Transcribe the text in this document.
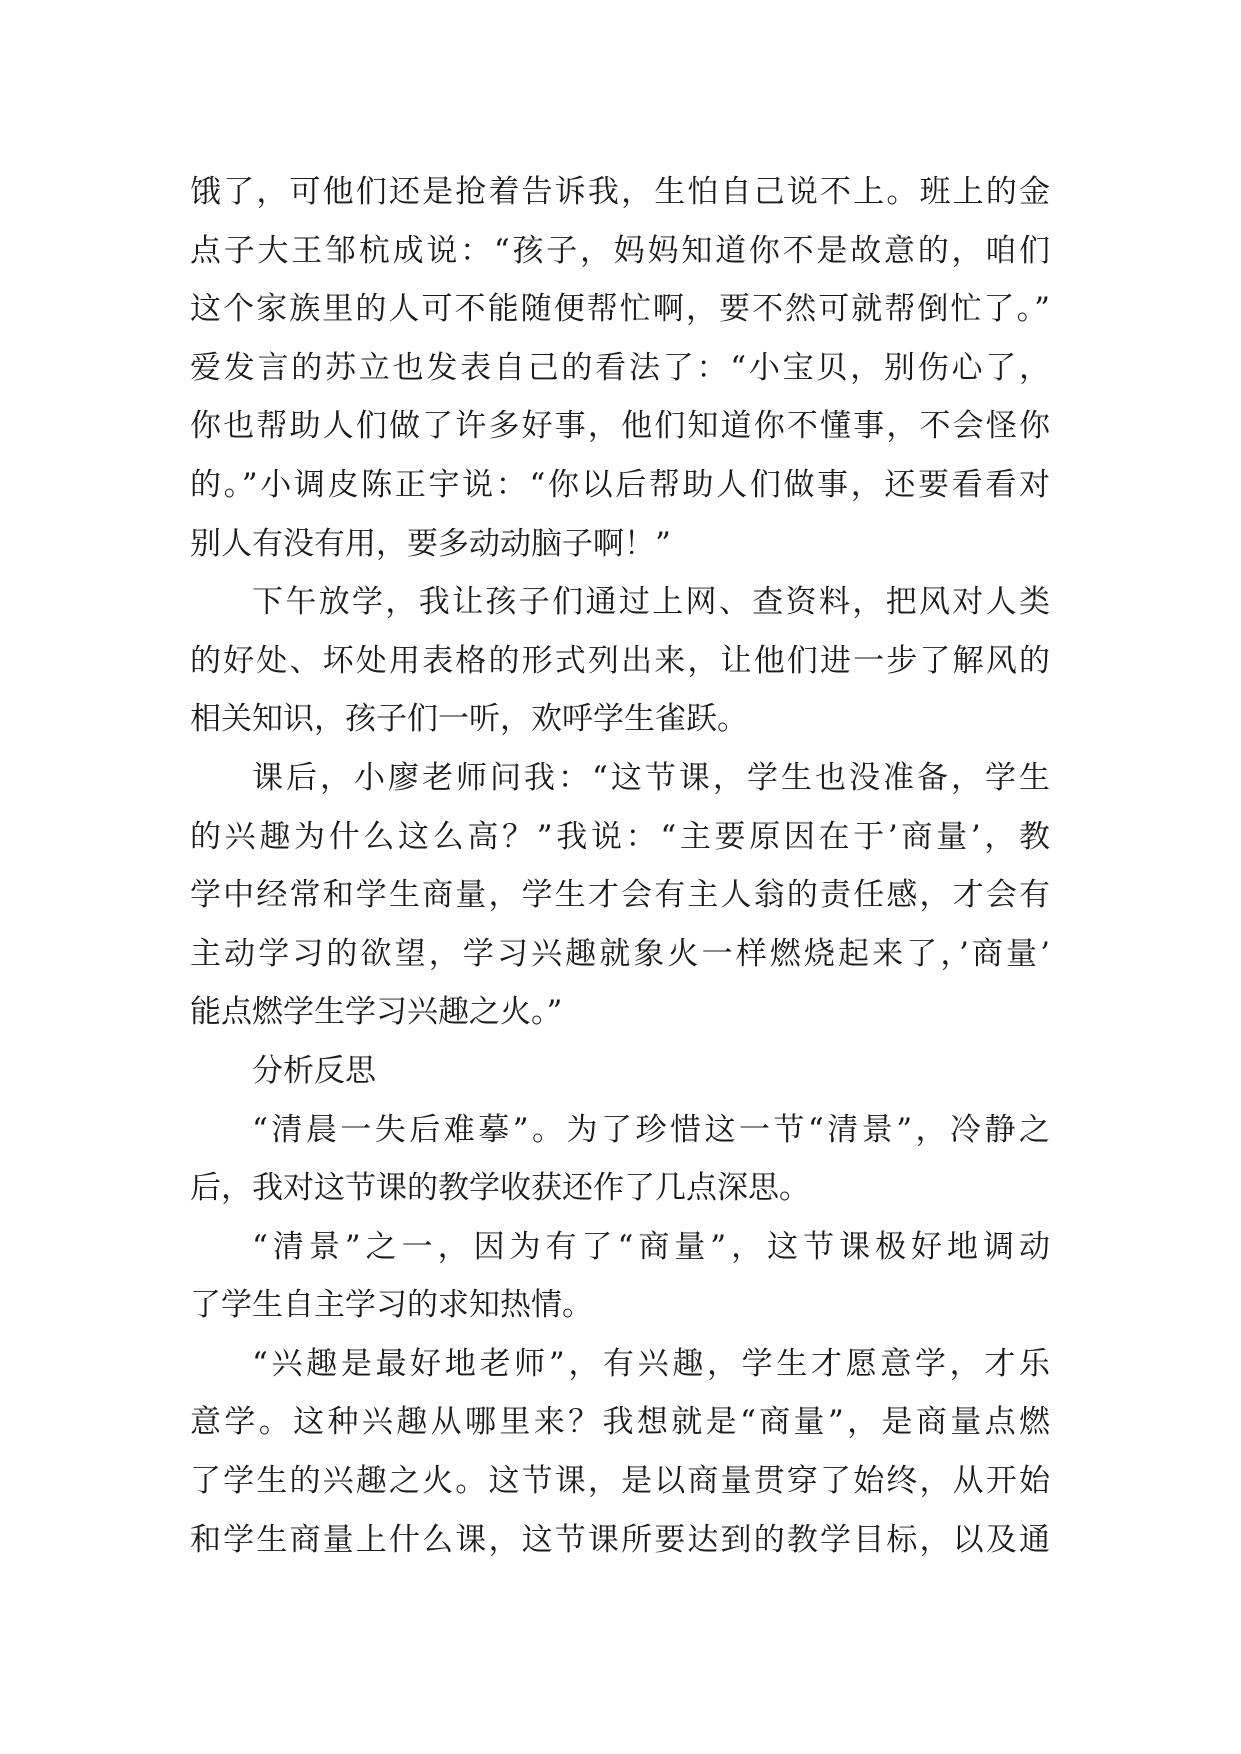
饿了，可他们还是抢着告诉我，生怕自己说不上。班上的金
点子大王邹杭成说：“孩子，妈妈知道你不是故意的，咱们
这个家族里的人可不能随便帮忙啊，要不然可就帮倒忙了。”
爱发言的苏立也发表自己的看法了：“小宝贝，别伤心了，
你也帮助人们做了许多好事，他们知道你不懂事，不会怪你
的。”小调皮陈正宇说：“你以后帮助人们做事，还要看看对
别人有没有用，要多动动脑子啊！”
下午放学，我让孩子们通过上网、查资料，把风对人类
的好处、坏处用表格的形式列出来，让他们进一步了解风的
相关知识，孩子们一听，欢呼学生雀跃。
课后，小廖老师问我：“这节课，学生也没准备，学生
的兴趣为什么这么高？”我说：“主要原因在于’商量’，教
学中经常和学生商量，学生才会有主人翁的责任感，才会有
主动学习的欲望，学习兴趣就象火一样燃烧起来了，’商量’
能点燃学生学习兴趣之火。”
分析反思
“清晨一失后难摹”。为了珍惜这一节“清景”，冷静之
后，我对这节课的教学收获还作了几点深思。
“清景”之一，因为有了“商量”，这节课极好地调动
了学生自主学习的求知热情。
“兴趣是最好地老师”，有兴趣，学生才愿意学，才乐
意学。这种兴趣从哪里来？我想就是“商量”，是商量点燃
了学生的兴趣之火。这节课，是以商量贯穿了始终，从开始
和学生商量上什么课，这节课所要达到的教学目标，以及通
